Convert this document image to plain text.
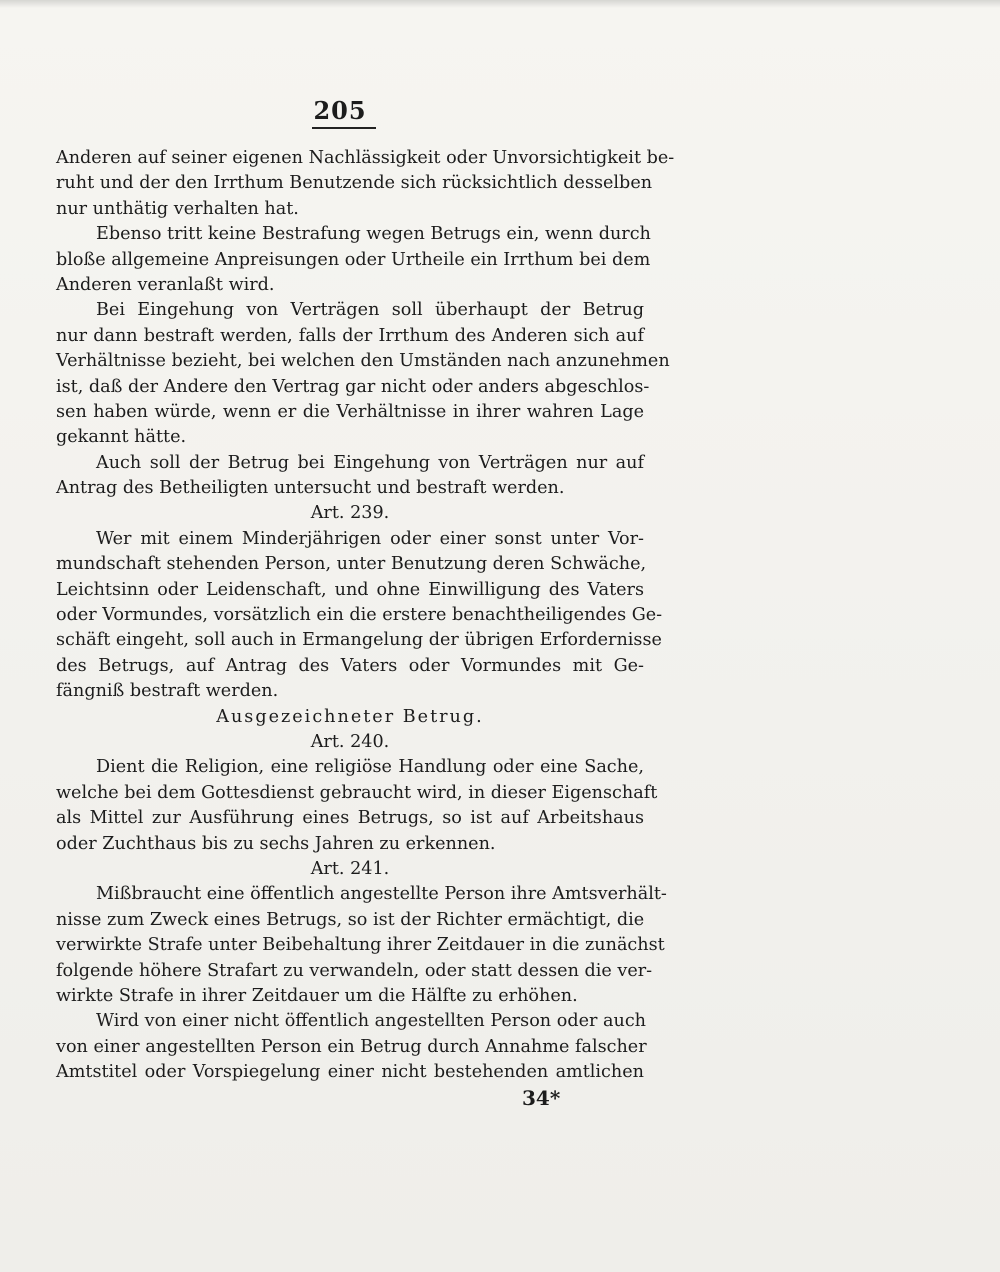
205
Anderen auf seiner eigenen Nachlässigkeit oder Unvorsichtigkeit be-
ruht und der den Irrthum Benutzende sich rücksichtlich desselben
nur unthätig verhalten hat.
Ebenso tritt keine Bestrafung wegen Betrugs ein, wenn durch
bloße allgemeine Anpreisungen oder Urtheile ein Irrthum bei dem
Anderen veranlaßt wird.
Bei Eingehung von Verträgen soll überhaupt der Betrug
nur dann bestraft werden, falls der Irrthum des Anderen sich auf
Verhältnisse bezieht, bei welchen den Umständen nach anzunehmen
ist, daß der Andere den Vertrag gar nicht oder anders abgeschlos-
sen haben würde, wenn er die Verhältnisse in ihrer wahren Lage
gekannt hätte.
Auch soll der Betrug bei Eingehung von Verträgen nur auf
Antrag des Betheiligten untersucht und bestraft werden.
Art. 239.
Wer mit einem Minderjährigen oder einer sonst unter Vor-
mundschaft stehenden Person, unter Benutzung deren Schwäche,
Leichtsinn oder Leidenschaft, und ohne Einwilligung des Vaters
oder Vormundes, vorsätzlich ein die erstere benachtheiligendes Ge-
schäft eingeht, soll auch in Ermangelung der übrigen Erfordernisse
des Betrugs, auf Antrag des Vaters oder Vormundes mit Ge-
fängniß bestraft werden.
Ausgezeichneter Betrug.
Art. 240.
Dient die Religion, eine religiöse Handlung oder eine Sache,
welche bei dem Gottesdienst gebraucht wird, in dieser Eigenschaft
als Mittel zur Ausführung eines Betrugs, so ist auf Arbeitshaus
oder Zuchthaus bis zu sechs Jahren zu erkennen.
Art. 241.
Mißbraucht eine öffentlich angestellte Person ihre Amtsverhält-
nisse zum Zweck eines Betrugs, so ist der Richter ermächtigt, die
verwirkte Strafe unter Beibehaltung ihrer Zeitdauer in die zunächst
folgende höhere Strafart zu verwandeln, oder statt dessen die ver-
wirkte Strafe in ihrer Zeitdauer um die Hälfte zu erhöhen.
Wird von einer nicht öffentlich angestellten Person oder auch
von einer angestellten Person ein Betrug durch Annahme falscher
Amtstitel oder Vorspiegelung einer nicht bestehenden amtlichen
34*
